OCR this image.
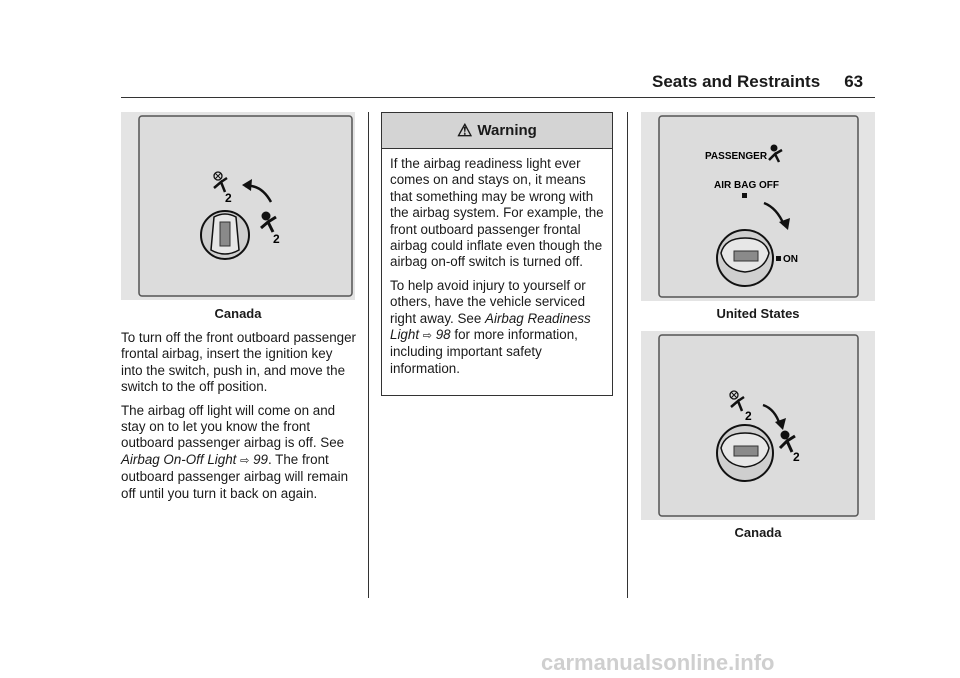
Seats and Restraints 63
2
2
Canada

To turn off the front outboard passenger frontal airbag, insert the ignition key into the switch, push in, and move the switch to the off position.

The airbag off light will come on and stay on to let you know the front outboard passenger airbag is off. See Airbag On-Off Light ⇨ 99. The front outboard passenger airbag will remain off until you turn it back on again.

⚠ Warning

If the airbag readiness light ever comes on and stays on, it means that something may be wrong with the airbag system. For example, the front outboard passenger frontal airbag could inflate even though the airbag on-off switch is turned off.

To help avoid injury to yourself or others, have the vehicle serviced right away. See Airbag Readiness Light ⇨ 98 for more information, including important safety information.

PASSENGER
AIR BAG OFF
ON
United States
2
2
Canada
carmanualsonline.info
